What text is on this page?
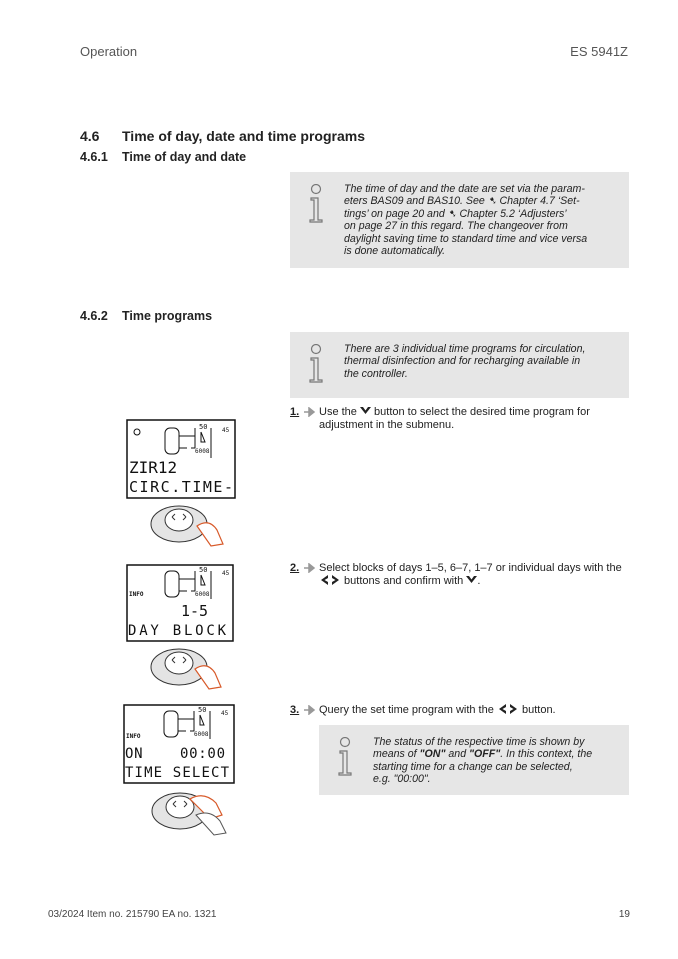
Operation	ES 5941Z
4.6 Time of day, date and time programs
4.6.1 Time of day and date
The time of day and the date are set via the param-
eters BAS09 and BAS10. See ➷ Chapter 4.7 ‘Set-
tings’ on page 20 and ➷ Chapter 5.2 ‘Adjusters’
on page 27 in this regard. The changeover from
daylight saving time to standard time and vice versa
is done automatically.
4.6.2 Time programs
There are 3 individual time programs for circulation,
thermal disinfection and for recharging available in
the controller.
1. Use the  button to select the desired time program for
adjustment in the submenu.
2. Select blocks of days 1–5, 6–7, 1–7 or individual days with the
buttons and confirm with .
3. Query the set time program with the  button.
The status of the respective time is shown by
means of "ON" and "OFF". In this context, the
starting time for a change can be selected,
e.g. "00:00".
50 45
6008
ZIR12
CIRC.TIME-
INFO
50 45
6008
1-5
DAY BLOCK
INFO
50 45
6008
ON    00:00
TIME SELECT
03/2024 Item no. 215790 EA no. 1321	19
